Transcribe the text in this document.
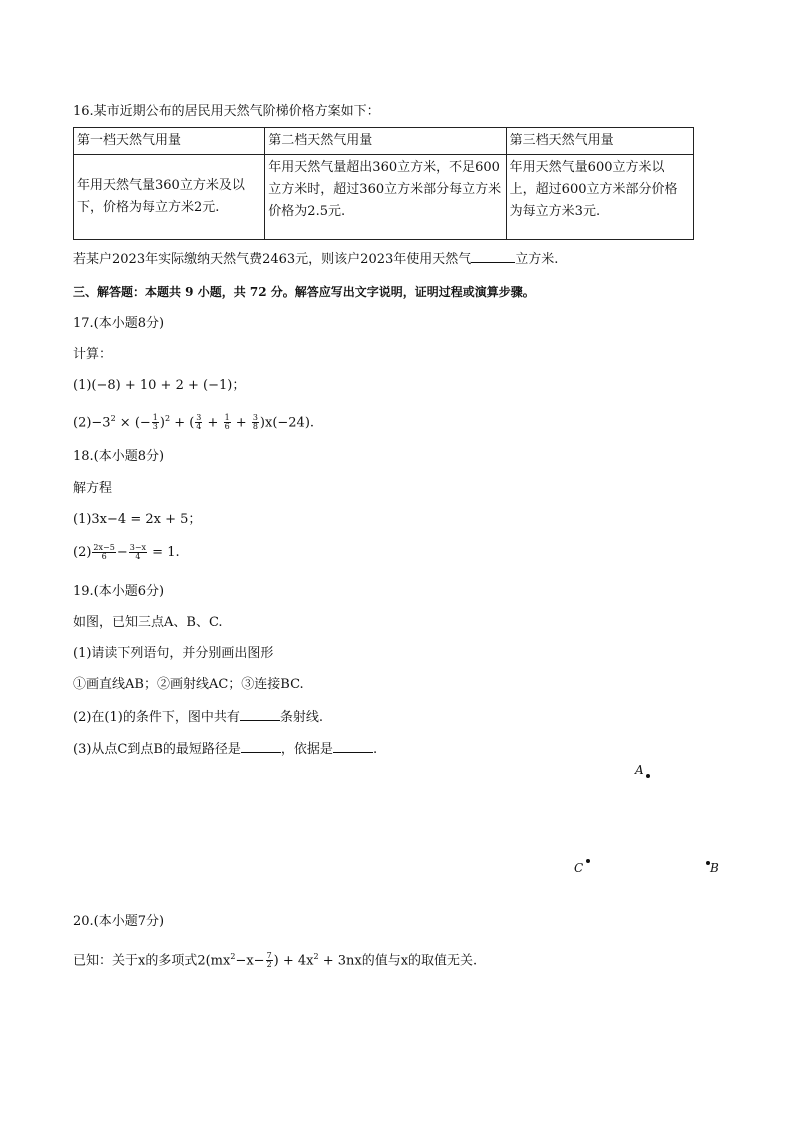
16.某市近期公布的居民用天然气阶梯价格方案如下：
第一档天然气用量	第二档天然气用量	第三档天然气用量
年用天然气量360立方米及以下，价格为每立方米2元.	年用天然气量超出360立方米，不足600立方米时，超过360立方米部分每立方米价格为2.5元.	年用天然气量600立方米以上，超过600立方米部分价格为每立方米3元.
若某户2023年实际缴纳天然气费2463元，则该户2023年使用天然气	立方米.
三、解答题：本题共 9 小题，共 72 分。解答应写出文字说明，证明过程或演算步骤。
17.(本小题8分)
计算：
(1)(−8) + 10 + 2 + (−1)；
$(2)-3^2$ × (− $\frac{1}{3} )^2$ + ( $\frac{3}{4} + \frac{1}{6} + \frac{3}{8} )x(-24)$.
18.(本小题8分)
解方程
(1)3x−4 = 2x + 5；
$(2) \frac{2x-5}{6} - \frac{3-x}{4} = 1$.
19.(本小题6分)
如图，已知三点A、B、C.
(1)请读下列语句，并分别画出图形
①画直线AB；②画射线AC；③连接BC.
(2)在(1)的条件下，图中共有	条射线.
(3)从点C到点B的最短路径是	，依据是	.
A
C	B
20.(本小题7分)
已知：关于x的多项式$2(mx^2-x- \frac{7}{2}$ ) + $4x^2 + 3nx$的值与x的取值无关.
